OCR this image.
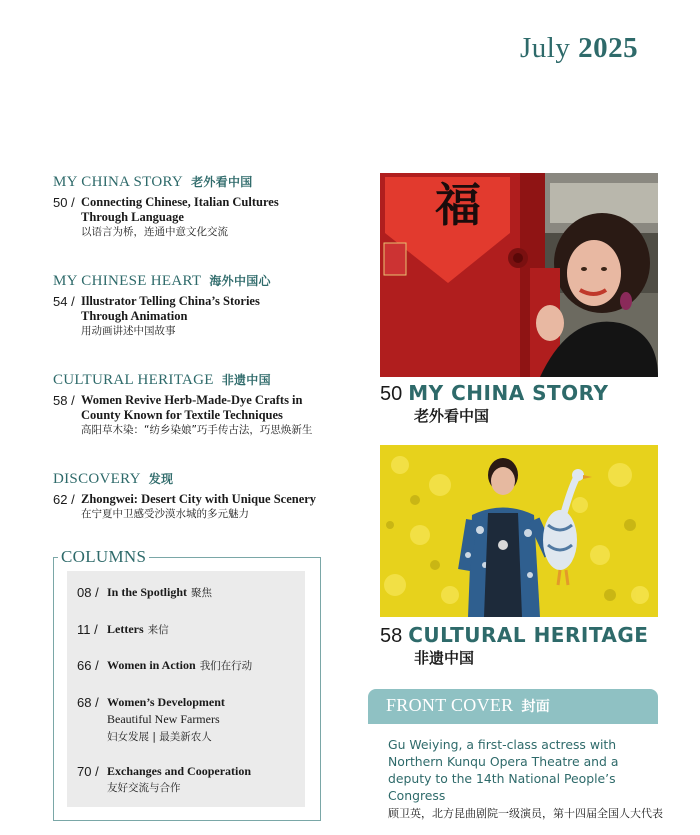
July 2025
MY CHINA STORY 老外看中国
50 / Connecting Chinese, Italian Cultures
Through Language
以语言为桥，连通中意文化交流
MY CHINESE HEART 海外中国心
54 / Illustrator Telling China’s Stories
Through Animation
用动画讲述中国故事
CULTURAL HERITAGE 非遗中国
58 / Women Revive Herb-Made-Dye Crafts in
County Known for Textile Techniques
高阳草木染：“纺乡染娘”巧手传古法，巧思焕新生
DISCOVERY 发现
62 / Zhongwei: Desert City with Unique Scenery
在宁夏中卫感受沙漠水城的多元魅力
COLUMNS
08 / In the Spotlight 聚焦
11 / Letters 来信
66 / Women in Action 我们在行动
68 / Women’s Development
Beautiful New Farmers
妇女发展 | 最美新农人
70 / Exchanges and Cooperation
友好交流与合作
福
50 MY CHINA STORY
老外看中国
58 CULTURAL HERITAGE
非遗中国
FRONT COVER 封面
Gu Weiying, a first-class actress with Northern Kunqu Opera Theatre and a deputy to the 14th National People’s Congress
顾卫英，北方昆曲剧院一级演员，第十四届全国人大代表
